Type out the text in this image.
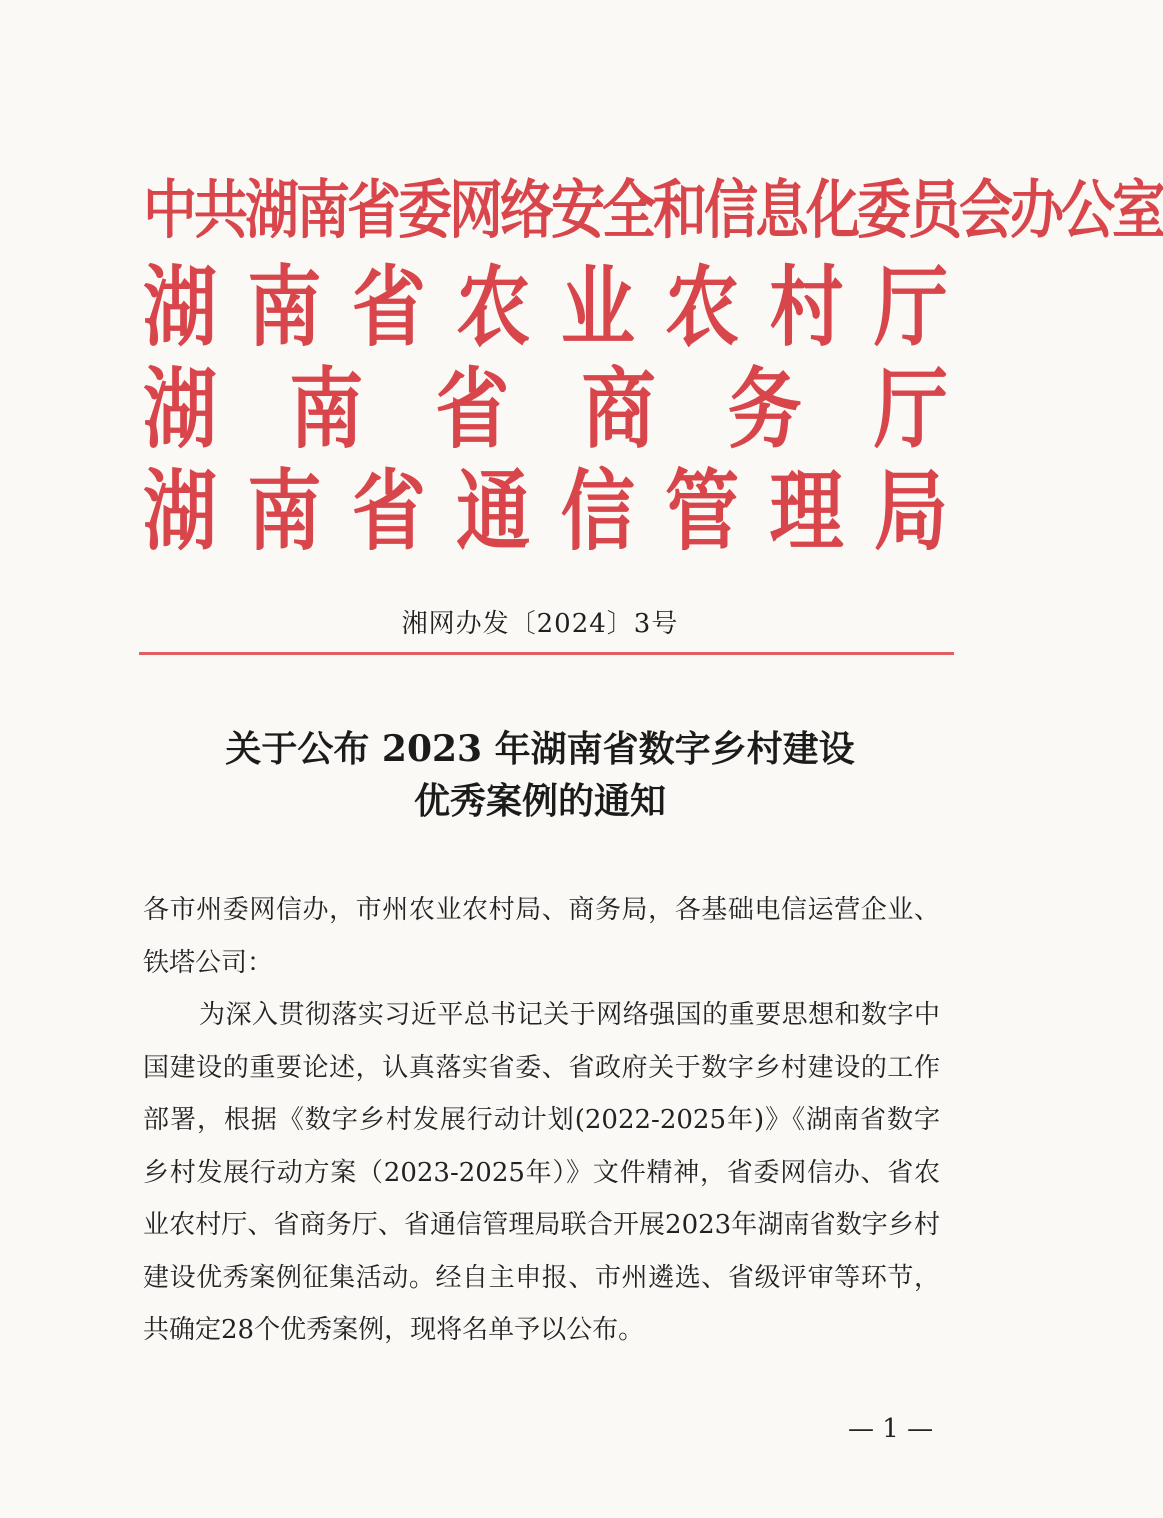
中 共 湖 南 省 委 网 络 安 全 和 信 息 化 委 员 会 办 公 室
湖 南 省 农 业 农 村 厅
湖 南 省 商 务 厅
湖 南 省 通 信 管 理 局
湘网办发〔2024〕3号
关于公布 2023 年湖南省数字乡村建设
优秀案例的通知

各市州委网信办，市州农业农村局、商务局，各基础电信运营企业、铁塔公司：

为深入贯彻落实习近平总书记关于网络强国的重要思想和数字中国建设的重要论述，认真落实省委、省政府关于数字乡村建设的工作部署，根据《数字乡村发展行动计划(2022-2025年)》《湖南省数字乡村发展行动方案（2023-2025年）》文件精神，省委网信办、省农业农村厅、省商务厅、省通信管理局联合开展2023年湖南省数字乡村建设优秀案例征集活动。经自主申报、市州遴选、省级评审等环节，共确定28个优秀案例，现将名单予以公布。

— 1 —
